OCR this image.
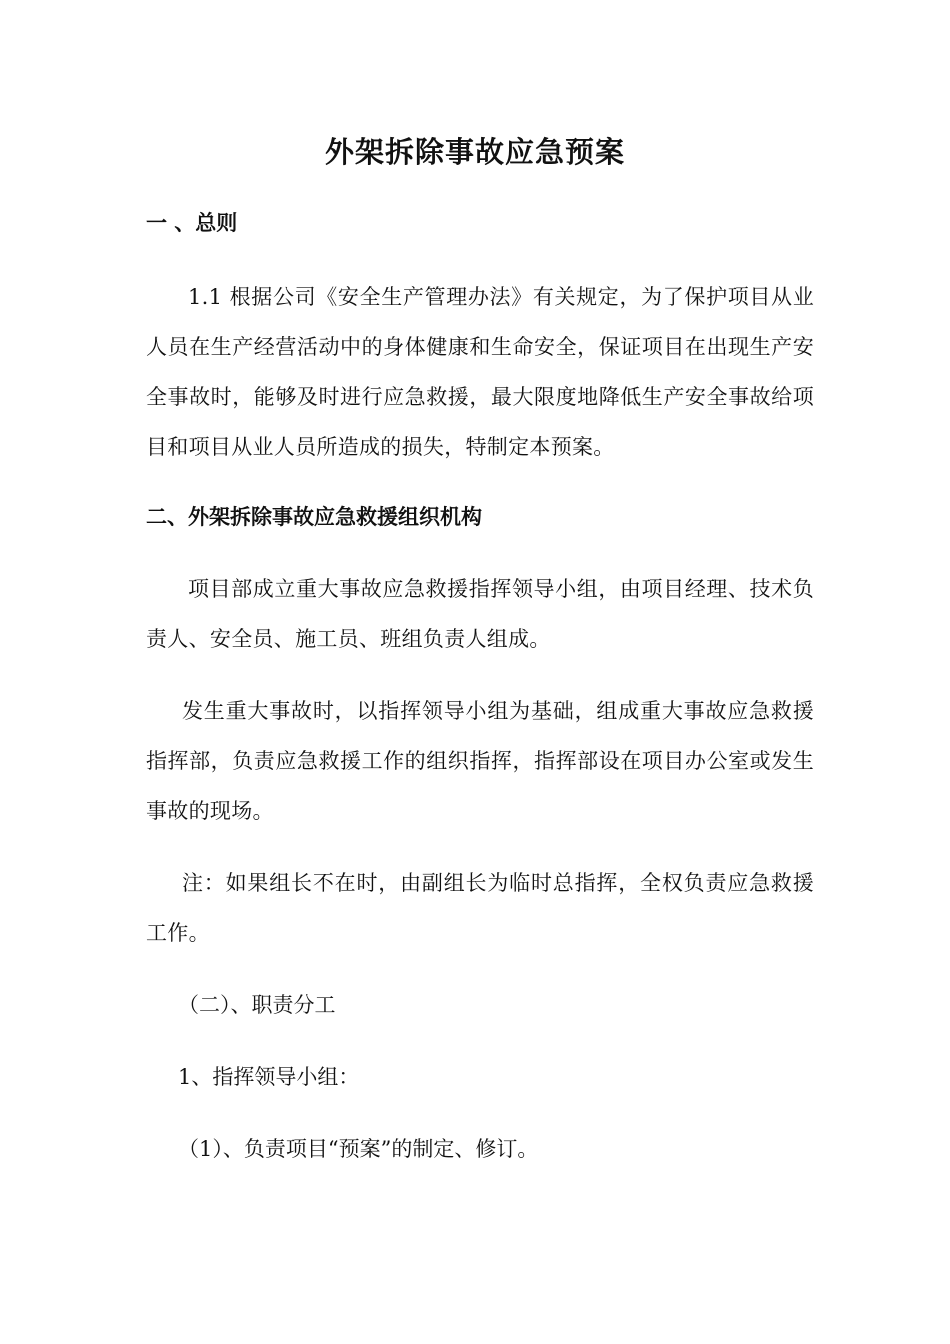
外架拆除事故应急预案
一 、总则

1.1 根据公司《安全生产管理办法》有关规定，为了保护项目从业人员在生产经营活动中的身体健康和生命安全，保证项目在出现生产安全事故时，能够及时进行应急救援，最大限度地降低生产安全事故给项目和项目从业人员所造成的损失，特制定本预案。

二、外架拆除事故应急救援组织机构

项目部成立重大事故应急救援指挥领导小组，由项目经理、技术负责人、安全员、施工员、班组负责人组成。

发生重大事故时，以指挥领导小组为基础，组成重大事故应急救援指挥部，负责应急救援工作的组织指挥，指挥部设在项目办公室或发生事故的现场。

注：如果组长不在时，由副组长为临时总指挥，全权负责应急救援工作。

（二）、职责分工
1、指挥领导小组：
（1）、负责项目“预案”的制定、修订。
